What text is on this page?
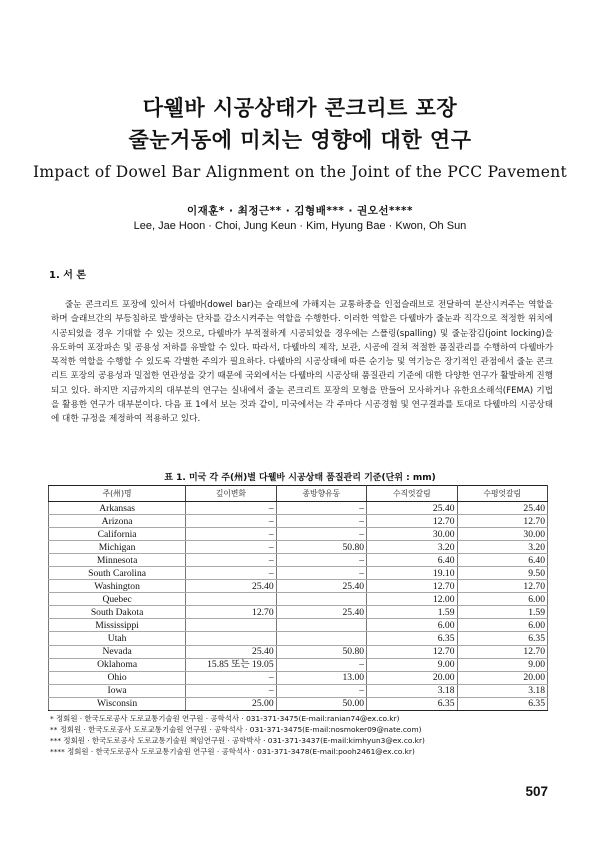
다웰바 시공상태가 콘크리트 포장
줄눈거동에 미치는 영향에 대한 연구
Impact of Dowel Bar Alignment on the Joint of the PCC Pavement
이재훈* · 최정근** · 김형배*** · 권오선****
Lee, Jae Hoon · Choi, Jung Keun · Kim, Hyung Bae · Kwon, Oh Sun
1. 서 론

줄눈 콘크리트 포장에 있어서 다웰바(dowel bar)는 슬래브에 가해지는 교통하중을 인접슬래브로 전달하여 분산시켜주는 역할을 하며 슬래브간의 부등침하로 발생하는 단차를 감소시켜주는 역할을 수행한다. 이러한 역할은 다웰바가 줄눈과 직각으로 적정한 위치에 시공되었을 경우 기대할 수 있는 것으로, 다웰바가 부적절하게 시공되었을 경우에는 스폴링(spalling) 및 줄눈잠김(joint locking)을 유도하여 포장파손 및 공용성 저하를 유발할 수 있다. 따라서, 다웰바의 제작, 보관, 시공에 걸쳐 적절한 품질관리를 수행하여 다웰바가 목적한 역할을 수행할 수 있도록 각별한 주의가 필요하다. 다웰바의 시공상태에 따른 순기능 및 역기능은 장기적인 관점에서 줄눈 콘크리트 포장의 공용성과 밀접한 연관성을 갖기 때문에 국외에서는 다웰바의 시공상태 품질관리 기준에 대한 다양한 연구가 활발하게 진행되고 있다. 하지만 지금까지의 대부분의 연구는 실내에서 줄눈 콘크리트 포장의 모형을 만들어 모사하거나 유한요소해석(FEMA) 기법을 활용한 연구가 대부분이다. 다음 표 1에서 보는 것과 같이, 미국에서는 각 주마다 시공경험 및 연구결과를 토대로 다웰바의 시공상태에 대한 규정을 제정하여 적용하고 있다.

표 1. 미국 각 주(州)별 다웰바 시공상태 품질관리 기준(단위 : mm)
주(州)명	깊이변화	종방향유동	수직엇갈림	수평엇갈림
Arkansas	–	–	25.40	25.40
Arizona	–	–	12.70	12.70
California	–	–	30.00	30.00
Michigan	–	50.80	3.20	3.20
Minnesota	–	–	6.40	6.40
South Carolina	–	–	19.10	9.50
Washington	25.40	25.40	12.70	12.70
Quebec			12.00	6.00
South Dakota	12.70	25.40	1.59	1.59
Mississippi			6.00	6.00
Utah			6.35	6.35
Nevada	25.40	50.80	12.70	12.70
Oklahoma	15.85 또는 19.05	–	9.00	9.00
Ohio	–	13.00	20.00	20.00
Iowa	–	–	3.18	3.18
Wisconsin	25.00	50.00	6.35	6.35
* 정회원 · 한국도로공사 도로교통기술원 연구원 · 공학석사 · 031-371-3475(E-mail:ranian74@ex.co.kr)
** 정회원 · 한국도로공사 도로교통기술원 연구원 · 공학석사 · 031-371-3475(E-mail:nosmoker09@nate.com)
*** 정회원 · 한국도로공사 도로교통기술원 책임연구원 · 공학박사 · 031-371-3437(E-mail:kimhyun3@ex.co.kr)
**** 정회원 · 한국도로공사 도로교통기술원 연구원 · 공학석사 · 031-371-3478(E-mail:pooh2461@ex.co.kr)
507
